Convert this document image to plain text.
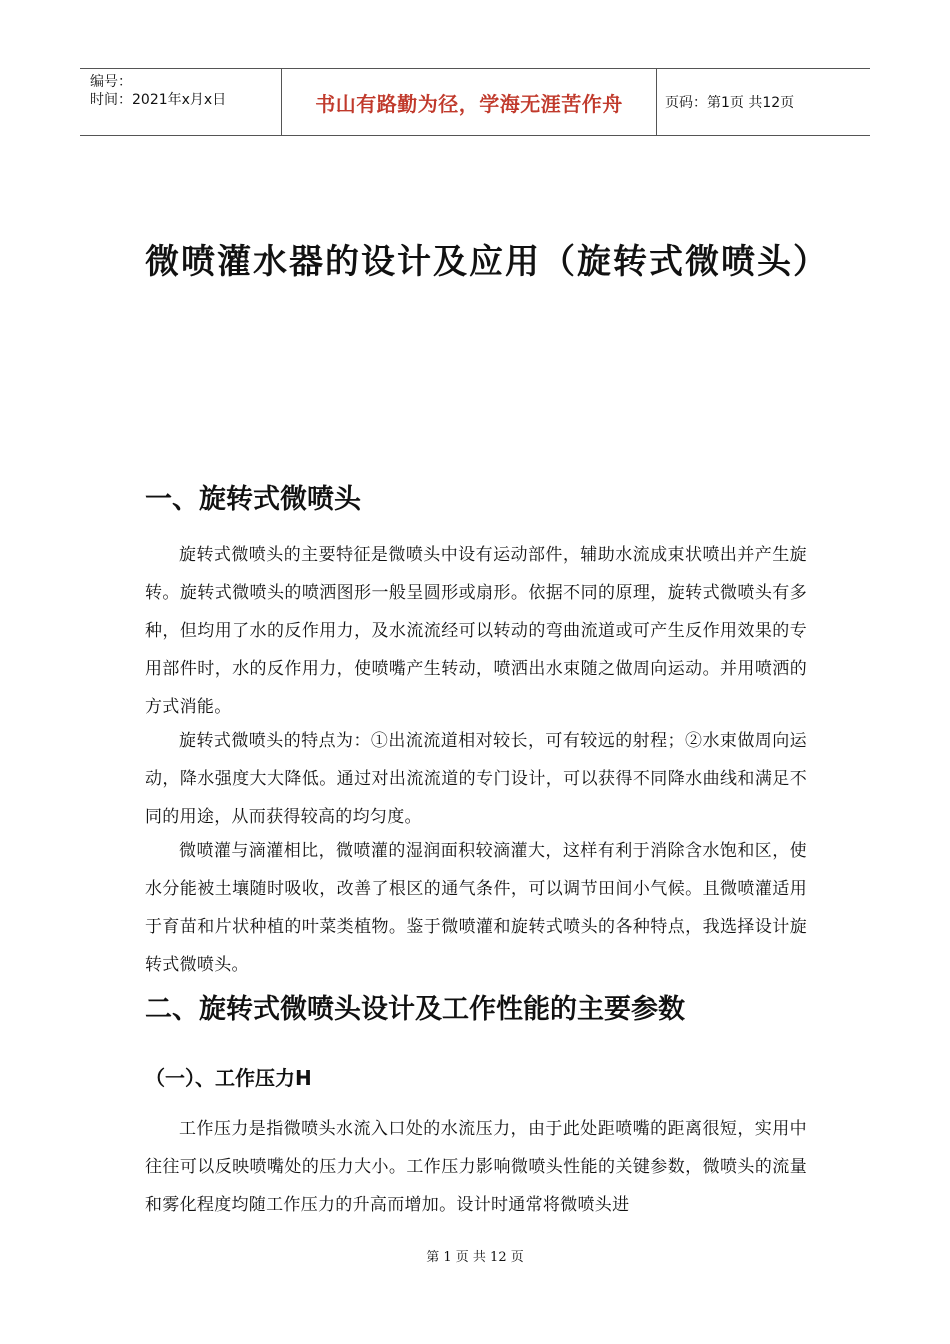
编号：
时间：2021年x月x日	书山有路勤为径，学海无涯苦作舟	页码：第1页 共12页
微喷灌水器的设计及应用（旋转式微喷头）
一、旋转式微喷头

旋转式微喷头的主要特征是微喷头中设有运动部件，辅助水流成束状喷出并产生旋转。旋转式微喷头的喷洒图形一般呈圆形或扇形。依据不同的原理，旋转式微喷头有多种，但均用了水的反作用力，及水流流经可以转动的弯曲流道或可产生反作用效果的专用部件时，水的反作用力，使喷嘴产生转动，喷洒出水束随之做周向运动。并用喷洒的方式消能。

旋转式微喷头的特点为：①出流流道相对较长，可有较远的射程；②水束做周向运动，降水强度大大降低。通过对出流流道的专门设计，可以获得不同降水曲线和满足不同的用途，从而获得较高的均匀度。

微喷灌与滴灌相比，微喷灌的湿润面积较滴灌大，这样有利于消除含水饱和区，使水分能被土壤随时吸收，改善了根区的通气条件，可以调节田间小气候。且微喷灌适用于育苗和片状种植的叶菜类植物。鉴于微喷灌和旋转式喷头的各种特点，我选择设计旋转式微喷头。

二、旋转式微喷头设计及工作性能的主要参数
（一）、工作压力H

工作压力是指微喷头水流入口处的水流压力，由于此处距喷嘴的距离很短，实用中往往可以反映喷嘴处的压力大小。工作压力影响微喷头性能的关键参数，微喷头的流量和雾化程度均随工作压力的升高而增加。设计时通常将微喷头进

第 1 页 共 12 页
